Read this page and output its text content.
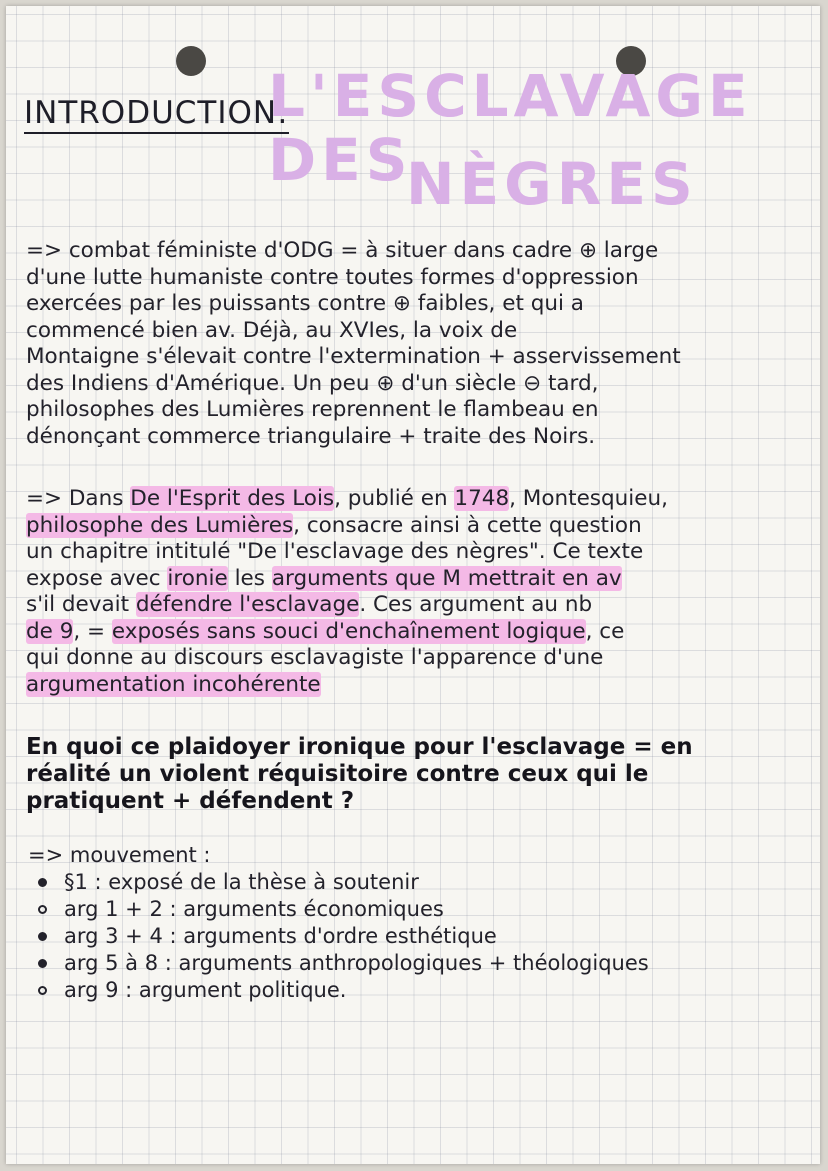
INTRODUCTION:
L'ESCLAVAGE DES
NÈGRES
=> combat féministe d'ODG = à situer dans cadre ⊕ large
d'une lutte humaniste contre toutes formes d'oppression
exercées par les puissants contre ⊕ faibles, et qui a
commencé bien av. Déjà, au XVIes, la voix de
Montaigne s'élevait contre l'extermination + asservissement
des Indiens d'Amérique. Un peu ⊕ d'un siècle ⊖ tard,
philosophes des Lumières reprennent le flambeau en
dénonçant commerce triangulaire + traite des Noirs.
=> Dans De l'Esprit des Lois, publié en 1748, Montesquieu,
philosophe des Lumières, consacre ainsi à cette question
un chapitre intitulé "De l'esclavage des nègres". Ce texte
expose avec ironie les arguments que M mettrait en av
s'il devait défendre l'esclavage. Ces argument au nb
de 9, = exposés sans souci d'enchaînement logique, ce
qui donne au discours esclavagiste l'apparence d'une
argumentation incohérente
En quoi ce plaidoyer ironique pour l'esclavage = en
réalité un violent réquisitoire contre ceux qui le
pratiquent + défendent ?
=> mouvement :
§1 : exposé de la thèse à soutenir
arg 1 + 2 : arguments économiques
arg 3 + 4 : arguments d'ordre esthétique
arg 5 à 8 : arguments anthropologiques + théologiques
arg 9 : argument politique.
